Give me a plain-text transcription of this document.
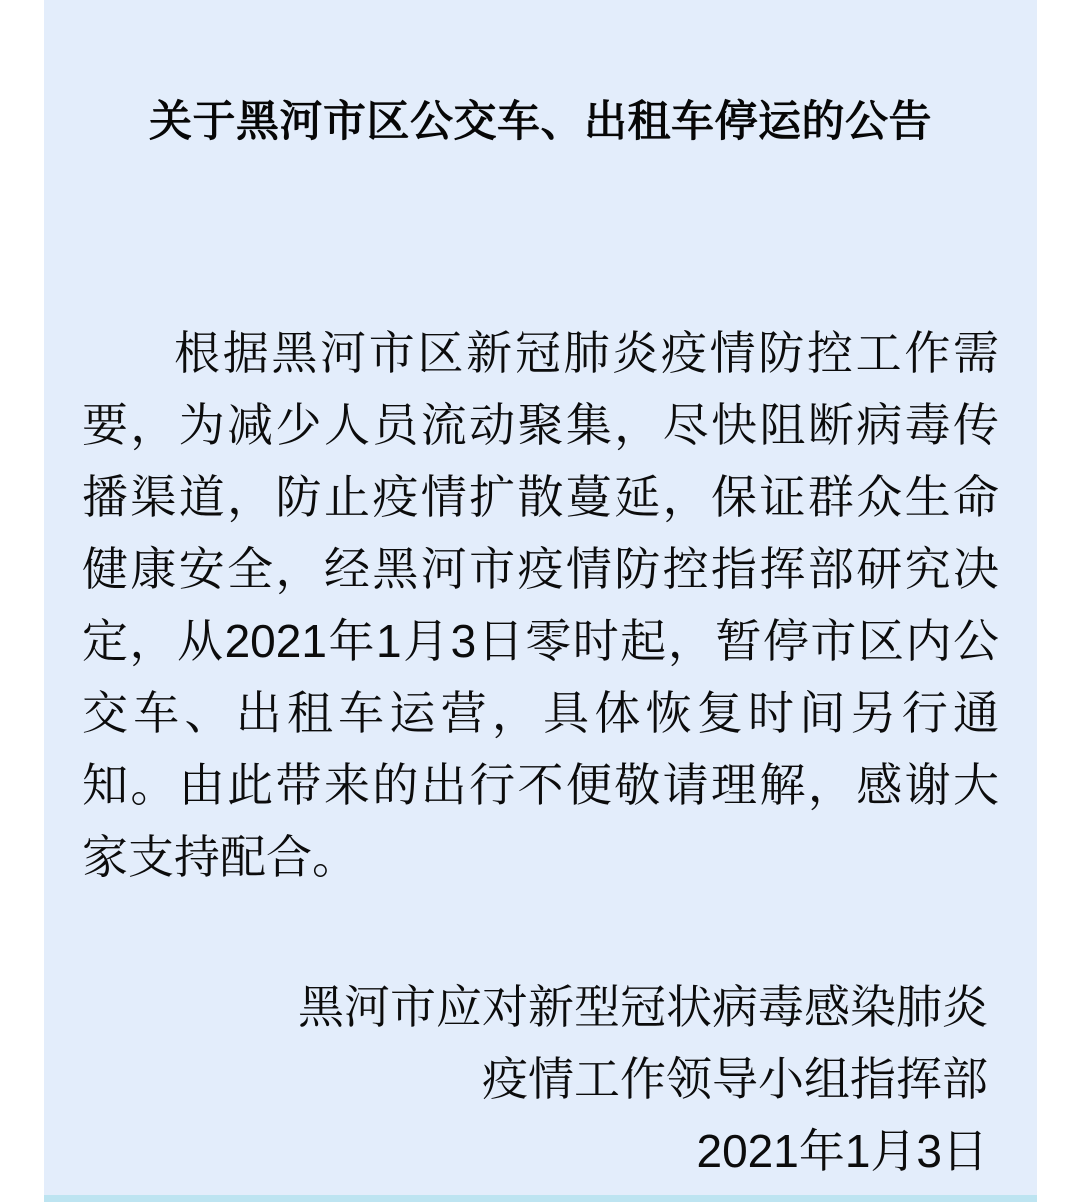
关于黑河市区公交车、出租车停运的公告
根据黑河市区新冠肺炎疫情防控工作需
要，为减少人员流动聚集，尽快阻断病毒传
播渠道，防止疫情扩散蔓延，保证群众生命
健康安全，经黑河市疫情防控指挥部研究决
定，从2021年1月3日零时起，暂停市区内公
交车、出租车运营，具体恢复时间另行通
知。由此带来的出行不便敬请理解，感谢大
家支持配合。
黑河市应对新型冠状病毒感染肺炎
疫情工作领导小组指挥部
2021年1月3日
